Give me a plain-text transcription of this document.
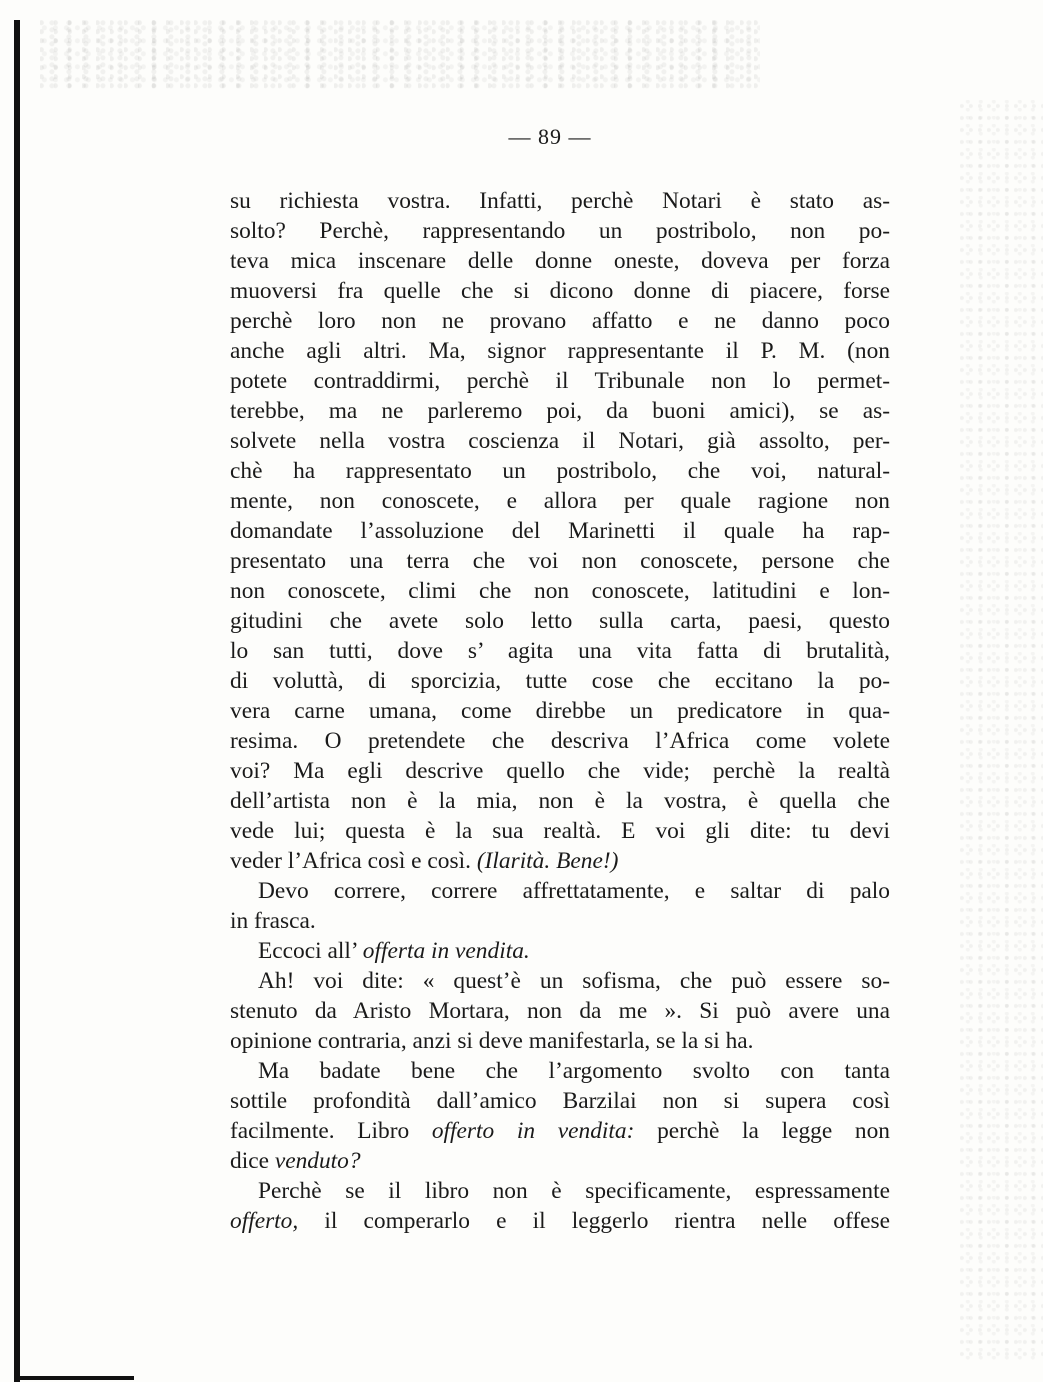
— 89 —
su richiesta vostra. Infatti, perchè Notari è stato as-
solto? Perchè, rappresentando un postribolo, non po-
teva mica inscenare delle donne oneste, doveva per forza
muoversi fra quelle che si dicono donne di piacere, forse
perchè loro non ne provano affatto e ne danno poco
anche agli altri. Ma, signor rappresentante il P. M. (non
potete contraddirmi, perchè il Tribunale non lo permet-
terebbe, ma ne parleremo poi, da buoni amici), se as-
solvete nella vostra coscienza il Notari, già assolto, per-
chè ha rappresentato un postribolo, che voi, natural-
mente, non conoscete, e allora per quale ragione non
domandate l’assoluzione del Marinetti il quale ha rap-
presentato una terra che voi non conoscete, persone che
non conoscete, climi che non conoscete, latitudini e lon-
gitudini che avete solo letto sulla carta, paesi, questo
lo san tutti, dove s’ agita una vita fatta di brutalità,
di voluttà, di sporcizia, tutte cose che eccitano la po-
vera carne umana, come direbbe un predicatore in qua-
resima. O pretendete che descriva l’Africa come volete
voi? Ma egli descrive quello che vide; perchè la realtà
dell’artista non è la mia, non è la vostra, è quella che
vede lui; questa è la sua realtà. E voi gli dite: tu devi
veder l’Africa così e così. (Ilarità. Bene!)
Devo correre, correre affrettatamente, e saltar di palo
in frasca.
Eccoci all’ offerta in vendita.
Ah! voi dite: « quest’è un sofisma, che può essere so-
stenuto da Aristo Mortara, non da me ». Si può avere una
opinione contraria, anzi si deve manifestarla, se la si ha.
Ma badate bene che l’argomento svolto con tanta
sottile profondità dall’amico Barzilai non si supera così
facilmente. Libro offerto in vendita: perchè la legge non
dice venduto?
Perchè se il libro non è specificamente, espressamente
offerto, il comperarlo e il leggerlo rientra nelle offese
